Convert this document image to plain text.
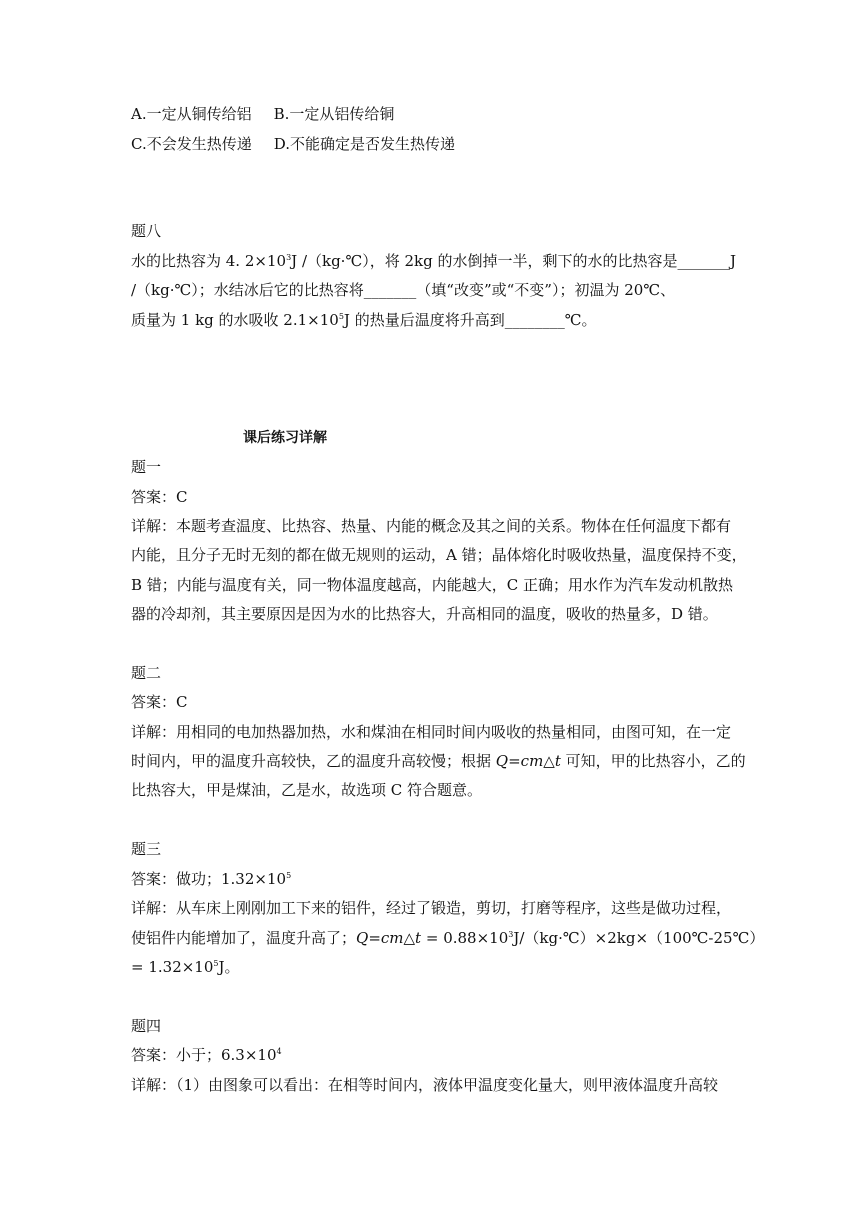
A.一定从铜传给铝 B.一定从铝传给铜
C.不会发生热传递 D.不能确定是否发生热传递
题八
水的比热容为 4. $2\times 10^3J$ /（kg·℃），将 2kg 的水倒掉一半，剩下的水的比热容是_______J
/（kg·℃）；水结冰后它的比热容将_______（填“改变”或“不变”）；初温为 20℃、
质量为 1 kg 的水吸收 $2.1\times 10^5J$ 的热量后温度将升高到________℃。
课后练习详解
题一
答案：C
详解：本题考查温度、比热容、热量、内能的概念及其之间的关系。物体在任何温度下都有
内能，且分子无时无刻的都在做无规则的运动，A 错；晶体熔化时吸收热量，温度保持不变，
B 错；内能与温度有关，同一物体温度越高，内能越大，C 正确；用水作为汽车发动机散热
器的冷却剂，其主要原因是因为水的比热容大，升高相同的温度，吸收的热量多，D 错。
题二
答案：C
详解：用相同的电加热器加热，水和煤油在相同时间内吸收的热量相同，由图可知，在一定
时间内，甲的温度升高较快，乙的温度升高较慢；根据 Q=cm△t 可知，甲的比热容小，乙的
比热容大，甲是煤油，乙是水，故选项 C 符合题意。
题三
答案：做功；$1.32\times 10^5$
详解：从车床上刚刚加工下来的铝件，经过了锻造，剪切，打磨等程序，这些是做功过程，
使铝件内能增加了，温度升高了；Q=cm△t = $0.88\times 10^3J/(kg\cdot℃)\times 2kg\times(100℃-25℃)$
= $1.32\times 10^5J$。
题四
答案：小于；$6.3\times 10^4$
详解：（1）由图象可以看出：在相等时间内，液体甲温度变化量大，则甲液体温度升高较
